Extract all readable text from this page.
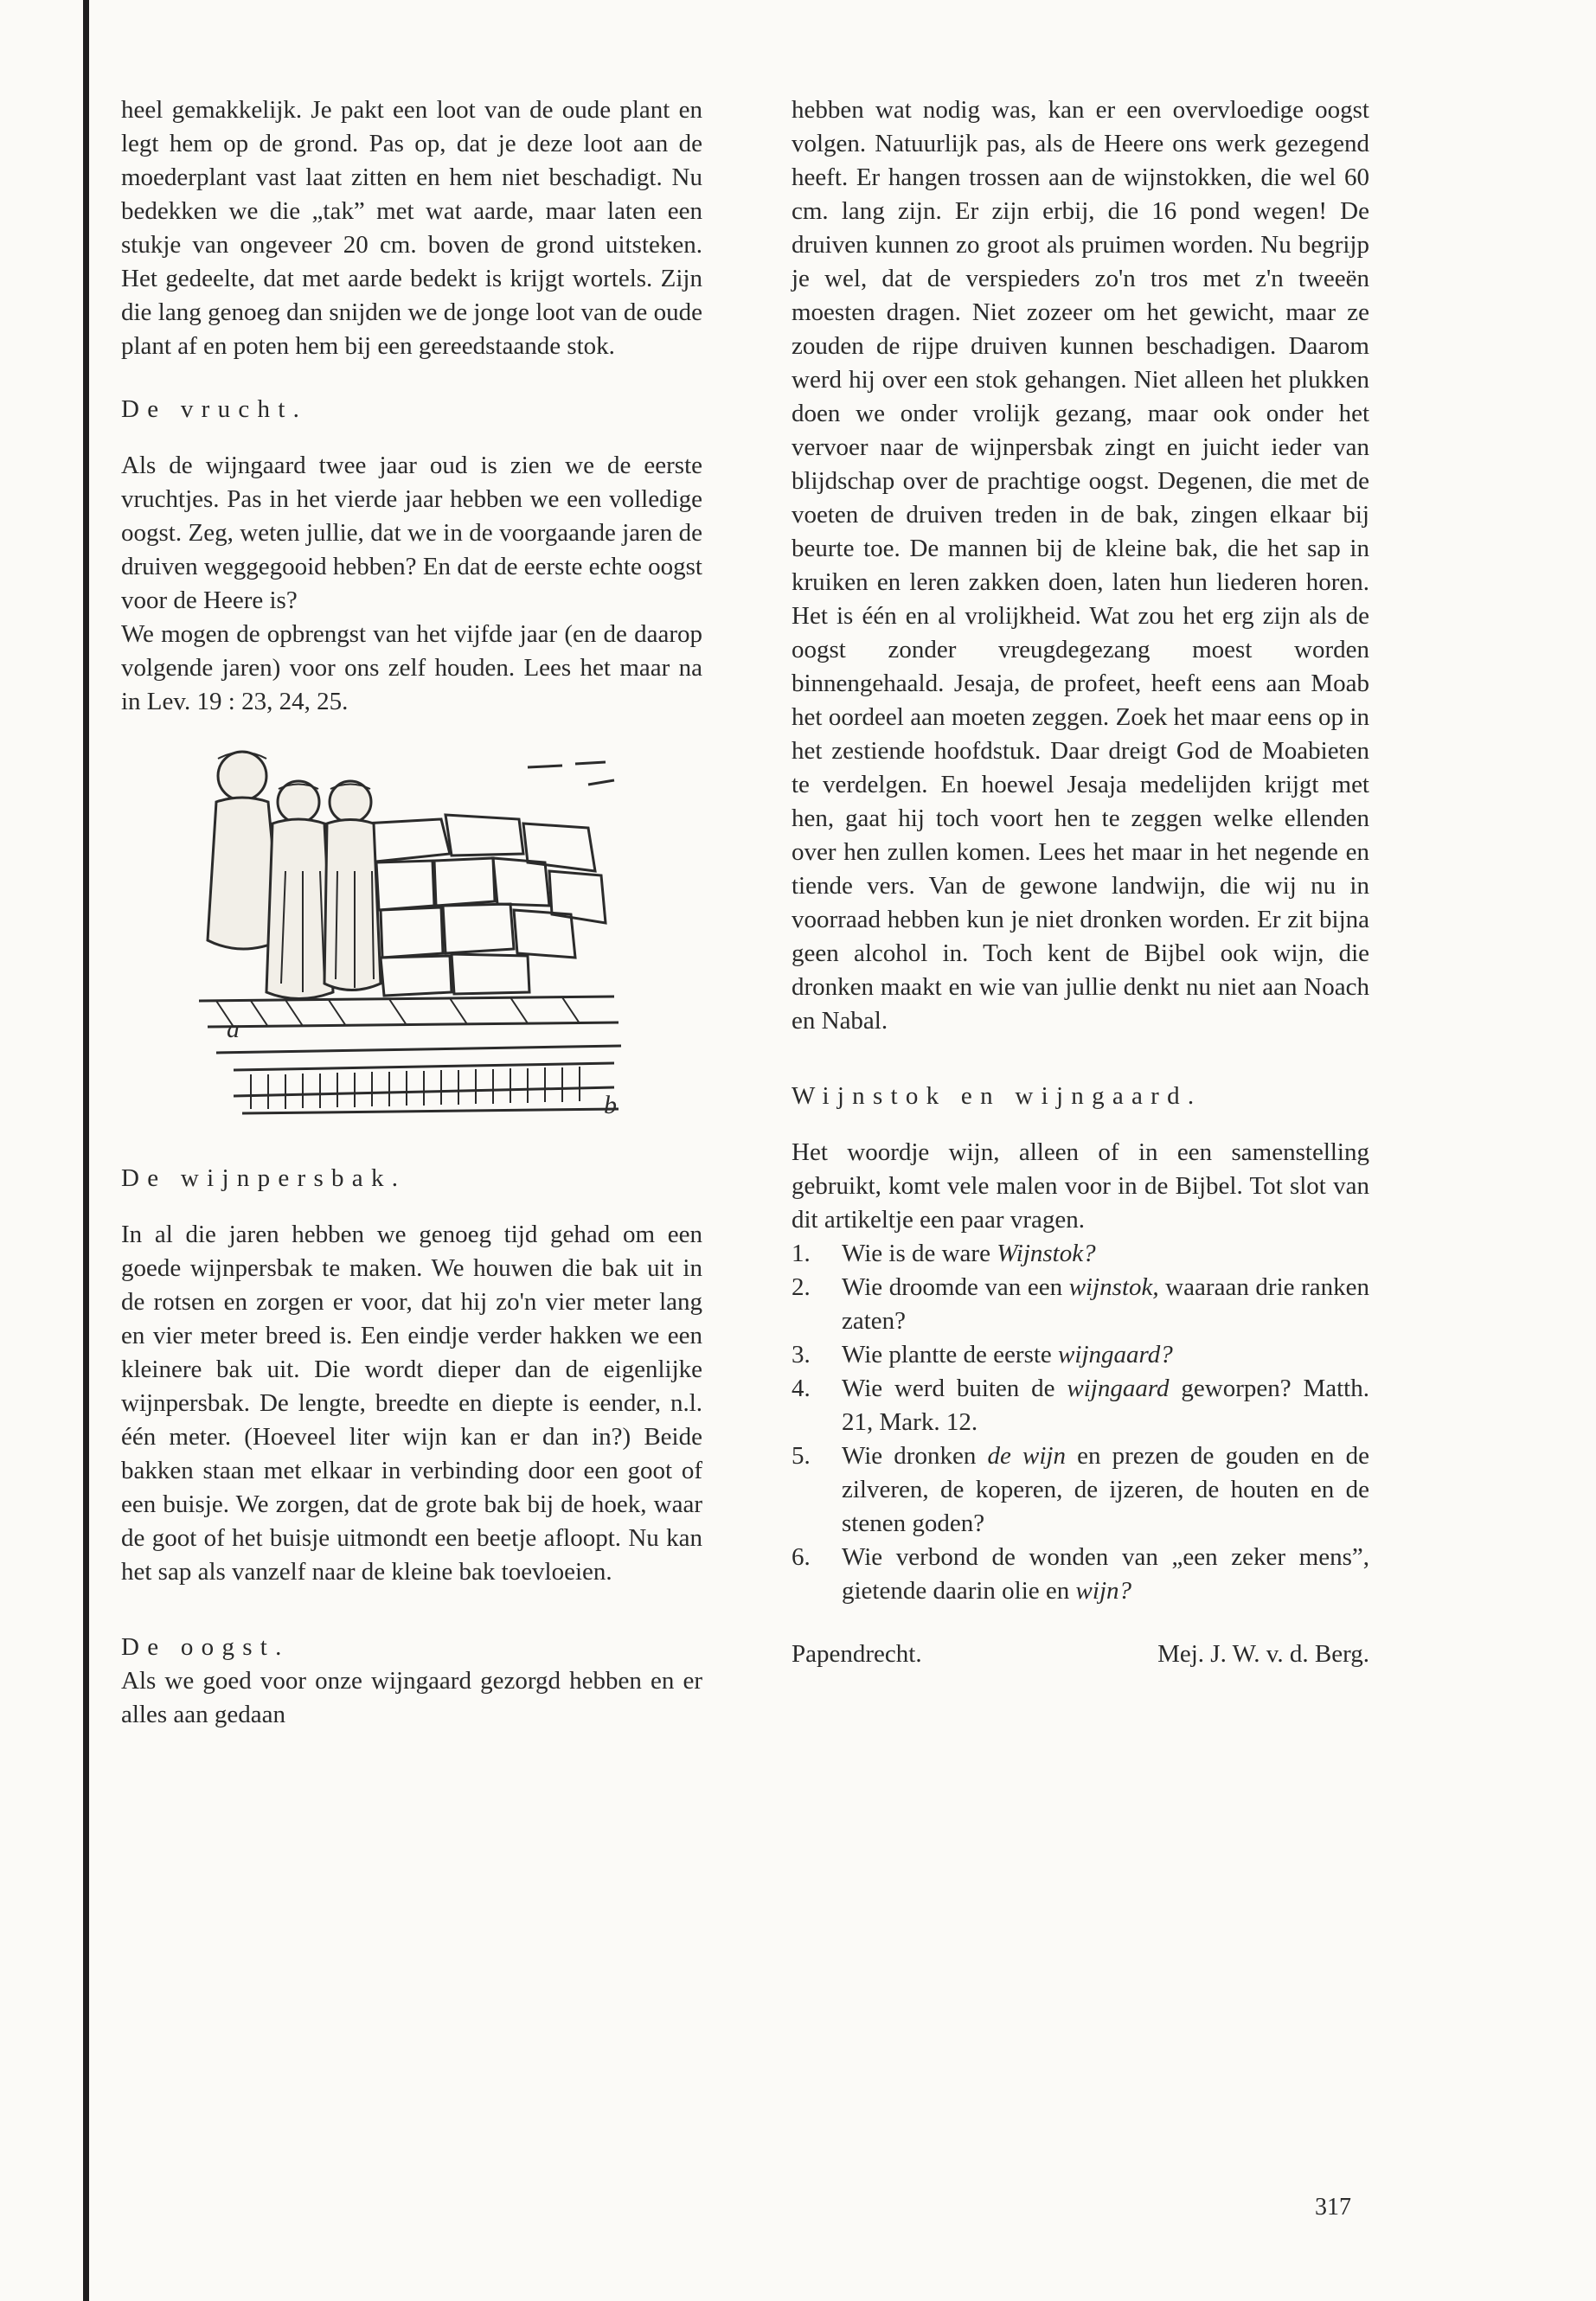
heel gemakkelijk. Je pakt een loot van de oude plant en legt hem op de grond. Pas op, dat je deze loot aan de moederplant vast laat zitten en hem niet beschadigt. Nu bedekken we die „tak” met wat aarde, maar laten een stukje van ongeveer 20 cm. boven de grond uitsteken. Het gedeelte, dat met aarde bedekt is krijgt wortels. Zijn die lang genoeg dan snijden we de jonge loot van de oude plant af en poten hem bij een gereedstaande stok.

De vrucht.

Als de wijngaard twee jaar oud is zien we de eerste vruchtjes. Pas in het vierde jaar hebben we een volledige oogst. Zeg, weten jullie, dat we in de voorgaande jaren de druiven weggegooid hebben? En dat de eerste echte oogst voor de Heere is?

We mogen de opbrengst van het vijfde jaar (en de daarop volgende jaren) voor ons zelf houden. Lees het maar na in Lev. 19 : 23, 24, 25.

a
b

De wijnpersbak.

In al die jaren hebben we genoeg tijd gehad om een goede wijnpersbak te maken. We houwen die bak uit in de rotsen en zorgen er voor, dat hij zo'n vier meter lang en vier meter breed is. Een eindje verder hakken we een kleinere bak uit. Die wordt dieper dan de eigenlijke wijnpersbak. De lengte, breedte en diepte is eender, n.l. één meter. (Hoeveel liter wijn kan er dan in?) Beide bakken staan met elkaar in verbinding door een goot of een buisje. We zorgen, dat de grote bak bij de hoek, waar de goot of het buisje uitmondt een beetje afloopt. Nu kan het sap als vanzelf naar de kleine bak toevloeien.

De oogst.

Als we goed voor onze wijngaard gezorgd hebben en er alles aan gedaan

hebben wat nodig was, kan er een overvloedige oogst volgen. Natuurlijk pas, als de Heere ons werk gezegend heeft. Er hangen trossen aan de wijnstokken, die wel 60 cm. lang zijn. Er zijn erbij, die 16 pond wegen! De druiven kunnen zo groot als pruimen worden. Nu begrijp je wel, dat de verspieders zo'n tros met z'n tweeën moesten dragen. Niet zozeer om het gewicht, maar ze zouden de rijpe druiven kunnen beschadigen. Daarom werd hij over een stok gehangen. Niet alleen het plukken doen we onder vrolijk gezang, maar ook onder het vervoer naar de wijnpersbak zingt en juicht ieder van blijdschap over de prachtige oogst. Degenen, die met de voeten de druiven treden in de bak, zingen elkaar bij beurte toe. De mannen bij de kleine bak, die het sap in kruiken en leren zakken doen, laten hun liederen horen. Het is één en al vrolijkheid. Wat zou het erg zijn als de oogst zonder vreugdegezang moest worden binnengehaald. Jesaja, de profeet, heeft eens aan Moab het oordeel aan moeten zeggen. Zoek het maar eens op in het zestiende hoofdstuk. Daar dreigt God de Moabieten te verdelgen. En hoewel Jesaja medelijden krijgt met hen, gaat hij toch voort hen te zeggen welke ellenden over hen zullen komen. Lees het maar in het negende en tiende vers. Van de gewone landwijn, die wij nu in voorraad hebben kun je niet dronken worden. Er zit bijna geen alcohol in. Toch kent de Bijbel ook wijn, die dronken maakt en wie van jullie denkt nu niet aan Noach en Nabal.

Wijnstok en wijngaard.

Het woordje wijn, alleen of in een samenstelling gebruikt, komt vele malen voor in de Bijbel. Tot slot van dit artikeltje een paar vragen.

1. Wie is de ware Wijnstok?
2. Wie droomde van een wijnstok, waaraan drie ranken zaten?
3. Wie plantte de eerste wijngaard?
4. Wie werd buiten de wijngaard geworpen? Matth. 21, Mark. 12.
5. Wie dronken de wijn en prezen de gouden en de zilveren, de koperen, de ijzeren, de houten en de stenen goden?
6. Wie verbond de wonden van „een zeker mens”, gietende daarin olie en wijn?
Papendrecht.	Mej. J. W. v. d. Berg.
317
